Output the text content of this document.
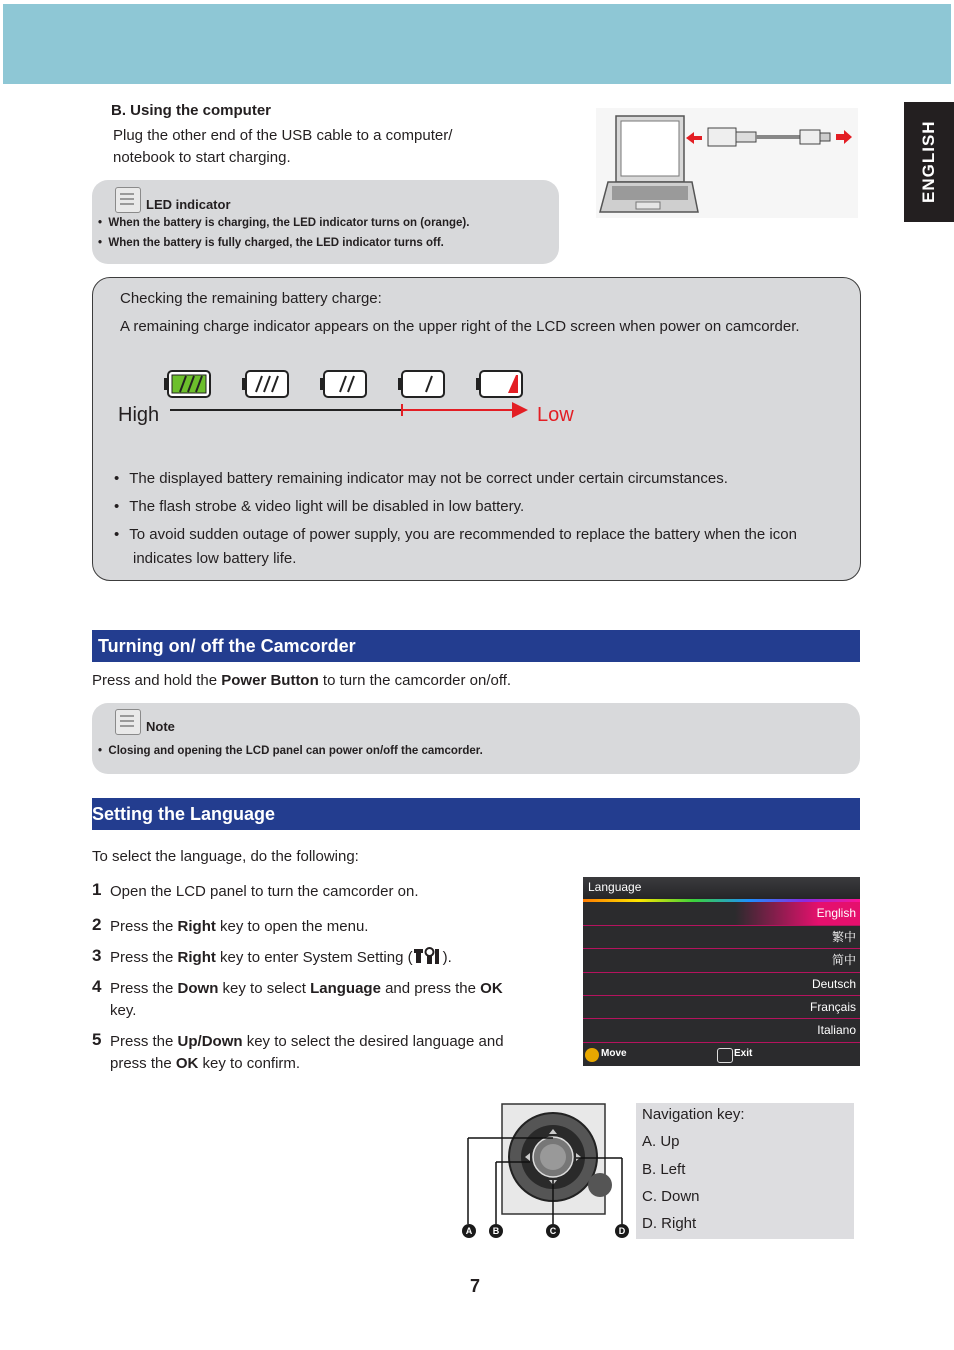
ENGLISH
B. Using the computer
Plug the other end of the USB cable to a computer/
notebook to start charging.
LED indicator
•  When the battery is charging, the LED indicator turns on (orange).
•  When the battery is fully charged, the LED indicator turns off.
Checking the remaining battery charge:
A remaining charge indicator appears on the upper right of the LCD screen when power on camcorder.
High	Low
• The displayed battery remaining indicator may not be correct under certain circumstances.
• The flash strobe & video light will be disabled in low battery.
• To avoid sudden outage of power supply, you are recommended to replace the battery when the icon
indicates low battery life.
Turning on/ off the Camcorder
Press and hold the Power Button to turn the camcorder on/off.
Note
•  Closing and opening the LCD panel can power on/off the camcorder.
Setting the Language
To select the language, do the following:
1 Open the LCD panel to turn the camcorder on.
2 Press the Right key to open the menu.
3 Press the Right key to enter System Setting ( ).
4 Press the Down key to select Language and press the OK
key.
5 Press the Up/Down key to select the desired language and
press the OK key to confirm.
Language
English
繁中
简中
Deutsch
Français
Italiano
Move	Exit
A	B	C	D
Navigation key:
A. Up
B. Left
C. Down
D. Right
7
